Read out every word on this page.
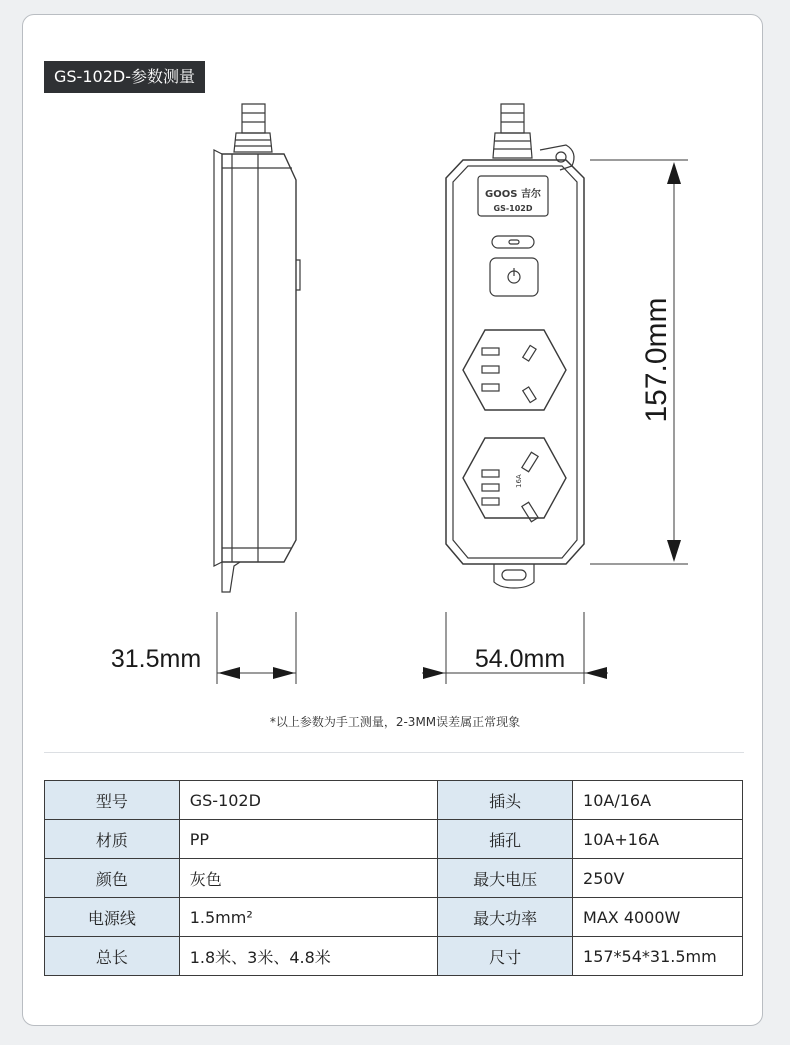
GS-102D-参数测量
GOOS 吉尔
GS-102D
16A
157.0mm
31.5mm	54.0mm
*以上参数为手工测量，2-3MM误差属正常现象
型号	GS-102D	插头	10A/16A
材质	PP	插孔	10A+16A
颜色	灰色	最大电压	250V
电源线	1.5mm²	最大功率	MAX 4000W
总长	1.8米、3米、4.8米	尺寸	157*54*31.5mm
